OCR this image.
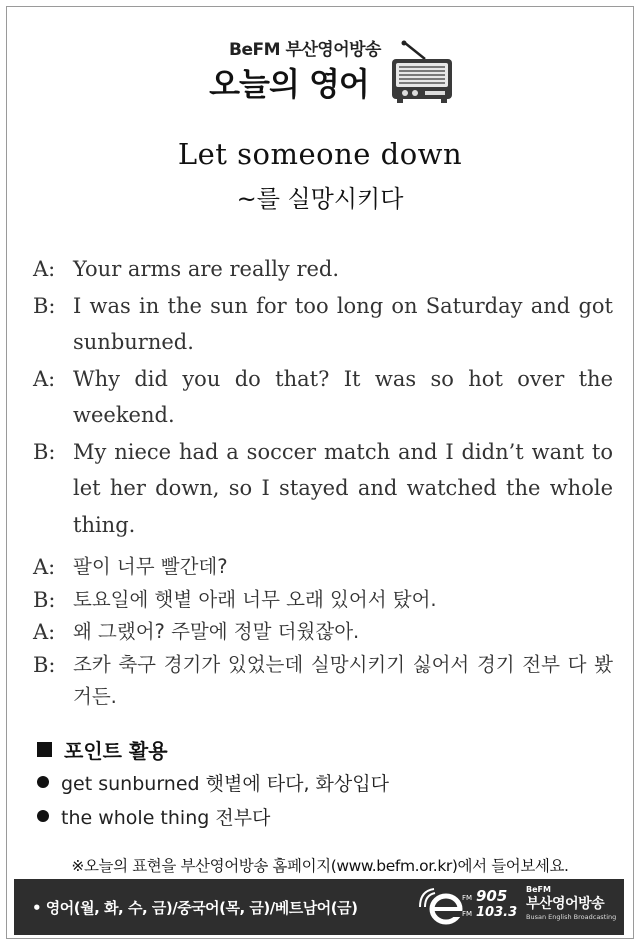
BeFM 부산영어방송
오늘의 영어
Let someone down
~를 실망시키다
A: Your arms are really red.
B: I was in the sun for too long on Saturday and got sunburned.
A: Why did you do that? It was so hot over the weekend.
B: My niece had a soccer match and I didn’t want to let her down, so I stayed and watched the whole thing.
A: 팔이 너무 빨간데?
B: 토요일에 햇볕 아래 너무 오래 있어서 탔어.
A: 왜 그랬어? 주말에 정말 더웠잖아.
B: 조카 축구 경기가 있었는데 실망시키기 싫어서 경기 전부 다 봤거든.
포인트 활용
get sunburned 햇볕에 타다, 화상입다
the whole thing 전부다
※오늘의 표현을 부산영어방송 홈페이지(www.befm.or.kr)에서 들어보세요.
• 영어(월, 화, 수, 금)/중국어(목, 금)/베트남어(금)
FM 905
FM 103.3
BeFM
부산영어방송
Busan English Broadcasting
